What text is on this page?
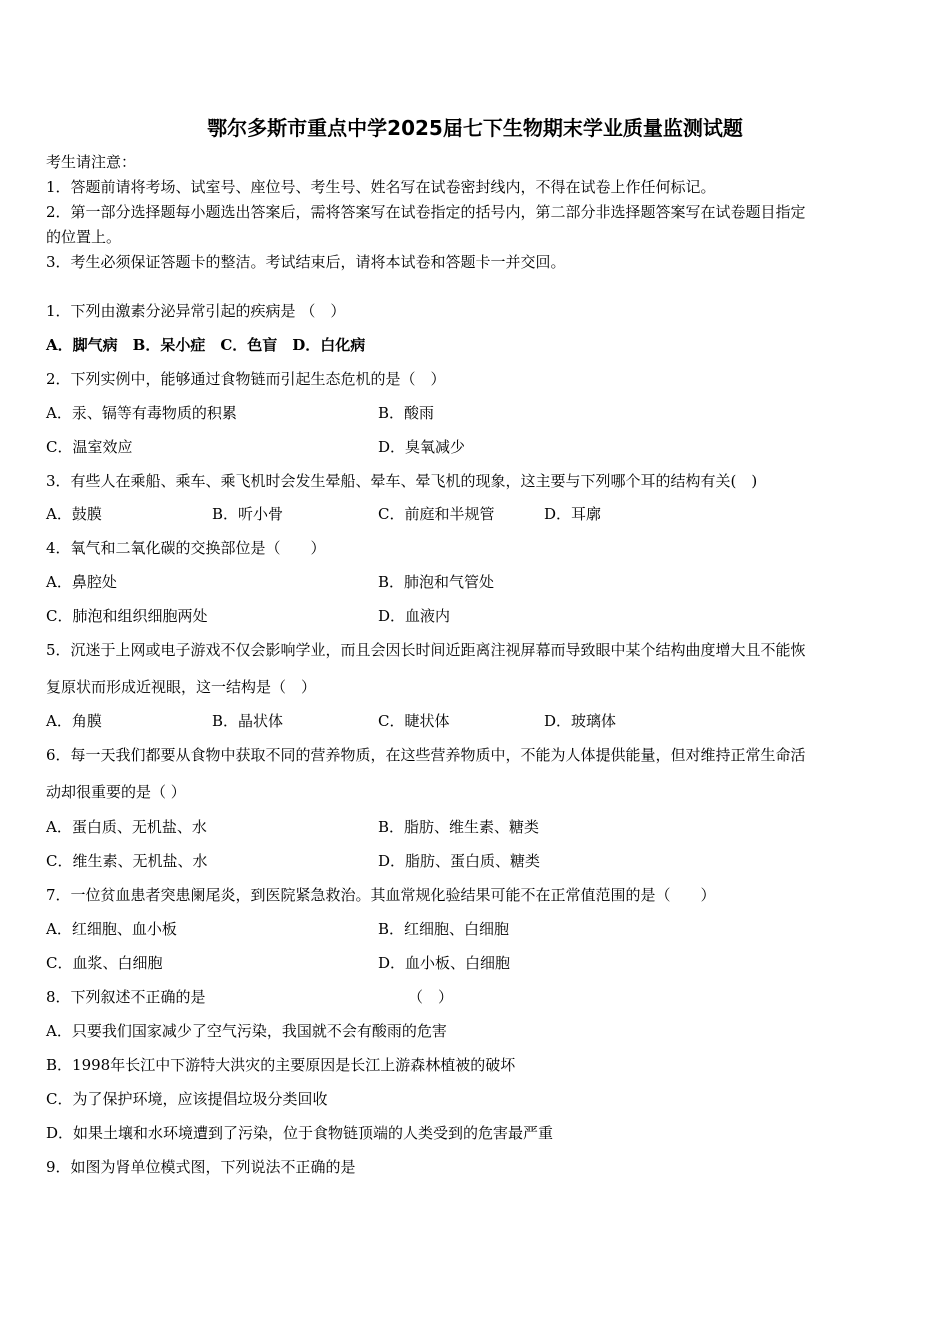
鄂尔多斯市重点中学2025届七下生物期末学业质量监测试题
考生请注意：
1．答题前请将考场、试室号、座位号、考生号、姓名写在试卷密封线内，不得在试卷上作任何标记。
2．第一部分选择题每小题选出答案后，需将答案写在试卷指定的括号内，第二部分非选择题答案写在试卷题目指定
的位置上。
3．考生必须保证答题卡的整洁。考试结束后，请将本试卷和答题卡一并交回。
1．下列由激素分泌异常引起的疾病是 （　）
A．脚气病　B．呆小症　C．色盲　D．白化病
2．下列实例中，能够通过食物链而引起生态危机的是（　）
A．汞、镉等有毒物质的积累	B．酸雨
C．温室效应	D．臭氧减少
3．有些人在乘船、乘车、乘飞机时会发生晕船、晕车、晕飞机的现象，这主要与下列哪个耳的结构有关(　)
A．鼓膜	B．听小骨	C．前庭和半规管	D．耳廓
4．氧气和二氧化碳的交换部位是（　　）
A．鼻腔处	B．肺泡和气管处
C．肺泡和组织细胞两处	D．血液内
5．沉迷于上网或电子游戏不仅会影响学业，而且会因长时间近距离注视屏幕而导致眼中某个结构曲度增大且不能恢
复原状而形成近视眼，这一结构是（　）
A．角膜	B．晶状体	C．睫状体	D．玻璃体
6．每一天我们都要从食物中获取不同的营养物质，在这些营养物质中，不能为人体提供能量，但对维持正常生命活
动却很重要的是（ ）
A．蛋白质、无机盐、水	B．脂肪、维生素、糖类
C．维生素、无机盐、水	D．脂肪、蛋白质、糖类
7．一位贫血患者突患阑尾炎，到医院紧急救治。其血常规化验结果可能不在正常值范围的是（　　）
A．红细胞、血小板	B．红细胞、白细胞
C．血浆、白细胞	D．血小板、白细胞
8．下列叙述不正确的是	（　）
A．只要我们国家减少了空气污染，我国就不会有酸雨的危害
B．1998年长江中下游特大洪灾的主要原因是长江上游森林植被的破坏
C．为了保护环境，应该提倡垃圾分类回收
D．如果土壤和水环境遭到了污染，位于食物链顶端的人类受到的危害最严重
9．如图为肾单位模式图，下列说法不正确的是
